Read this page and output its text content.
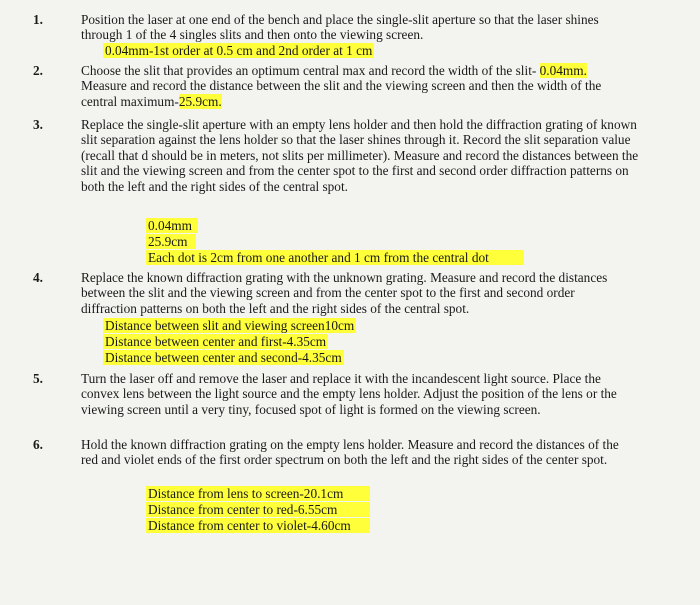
1.	Position the laser at one end of the bench and place the single-slit aperture so that the laser shines through 1 of the 4 singles slits and then onto the viewing screen.
0.04mm-1st order at 0.5 cm and 2nd order at 1 cm
2.	Choose the slit that provides an optimum central max and record the width of the slit- 0.04mm. Measure and record the distance between the slit and the viewing screen and then the width of the central maximum-25.9cm.
3.	Replace the single-slit aperture with an empty lens holder and then hold the diffraction grating of known slit separation against the lens holder so that the laser shines through it. Record the slit separation value (recall that d should be in meters, not slits per millimeter). Measure and record the distances between the slit and the viewing screen and from the center spot to the first and second order diffraction patterns on both the left and the right sides of the central spot.
0.04mm
25.9cm
Each dot is 2cm from one another and 1 cm from the central dot
4.	Replace the known diffraction grating with the unknown grating. Measure and record the distances between the slit and the viewing screen and from the center spot to the first and second order diffraction patterns on both the left and the right sides of the central spot.
Distance between slit and viewing screen10cm
Distance between center and first-4.35cm
Distance between center and second-4.35cm
5.	Turn the laser off and remove the laser and replace it with the incandescent light source. Place the convex lens between the light source and the empty lens holder. Adjust the position of the lens or the viewing screen until a very tiny, focused spot of light is formed on the viewing screen.
6.	Hold the known diffraction grating on the empty lens holder. Measure and record the distances of the red and violet ends of the first order spectrum on both the left and the right sides of the center spot.
Distance from lens to screen-20.1cm
Distance from center to red-6.55cm
Distance from center to violet-4.60cm
